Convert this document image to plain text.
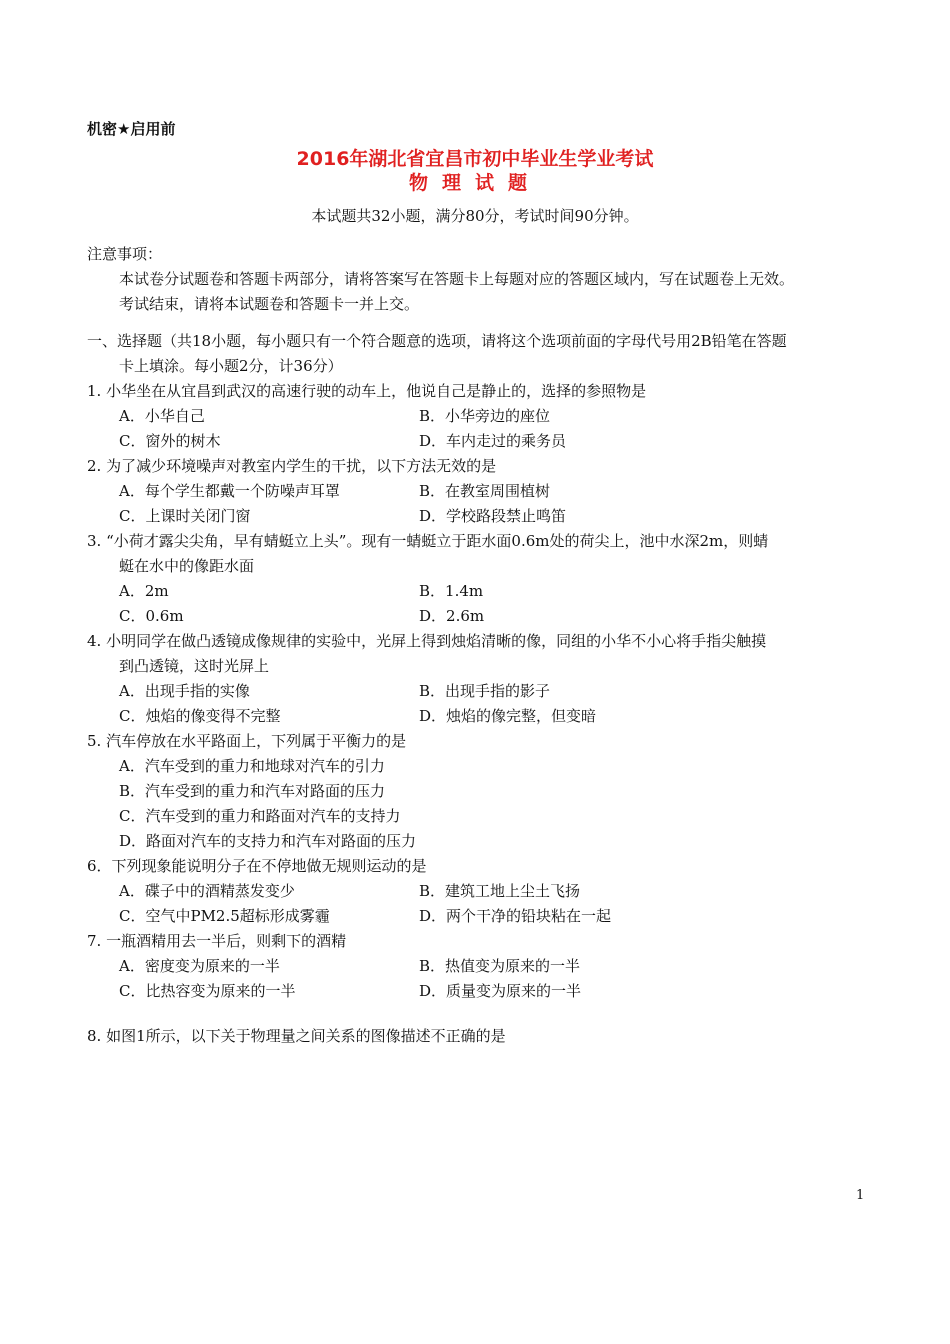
机密★启用前
2016年湖北省宜昌市初中毕业生学业考试
物理试题
本试题共32小题，满分80分，考试时间90分钟。
注意事项：
本试卷分试题卷和答题卡两部分，请将答案写在答题卡上每题对应的答题区域内，写在试题卷上无效。
考试结束，请将本试题卷和答题卡一并上交。
一、选择题（共18小题，每小题只有一个符合题意的选项，请将这个选项前面的字母代号用2B铅笔在答题
卡上填涂。每小题2分，计36分）
1. 小华坐在从宜昌到武汉的高速行驶的动车上，他说自己是静止的，选择的参照物是
A．小华自己	B．小华旁边的座位
C．窗外的树木	D．车内走过的乘务员
2. 为了减少环境噪声对教室内学生的干扰，以下方法无效的是
A．每个学生都戴一个防噪声耳罩	B．在教室周围植树
C．上课时关闭门窗	D．学校路段禁止鸣笛
3. “小荷才露尖尖角，早有蜻蜓立上头”。现有一蜻蜓立于距水面0.6m处的荷尖上，池中水深2m，则蜻
蜓在水中的像距水面
A．2m	B．1.4m
C．0.6m	D．2.6m
4. 小明同学在做凸透镜成像规律的实验中，光屏上得到烛焰清晰的像，同组的小华不小心将手指尖触摸
到凸透镜，这时光屏上
A．出现手指的实像	B．出现手指的影子
C．烛焰的像变得不完整	D．烛焰的像完整，但变暗
5. 汽车停放在水平路面上，下列属于平衡力的是
A．汽车受到的重力和地球对汽车的引力
B．汽车受到的重力和汽车对路面的压力
C．汽车受到的重力和路面对汽车的支持力
D．路面对汽车的支持力和汽车对路面的压力
6．下列现象能说明分子在不停地做无规则运动的是
A．碟子中的酒精蒸发变少	B．建筑工地上尘土飞扬
C．空气中PM2.5超标形成雾霾	D．两个干净的铅块粘在一起
7. 一瓶酒精用去一半后，则剩下的酒精
A．密度变为原来的一半	B．热值变为原来的一半
C．比热容变为原来的一半	D．质量变为原来的一半
8. 如图1所示，以下关于物理量之间关系的图像描述不正确的是
1
